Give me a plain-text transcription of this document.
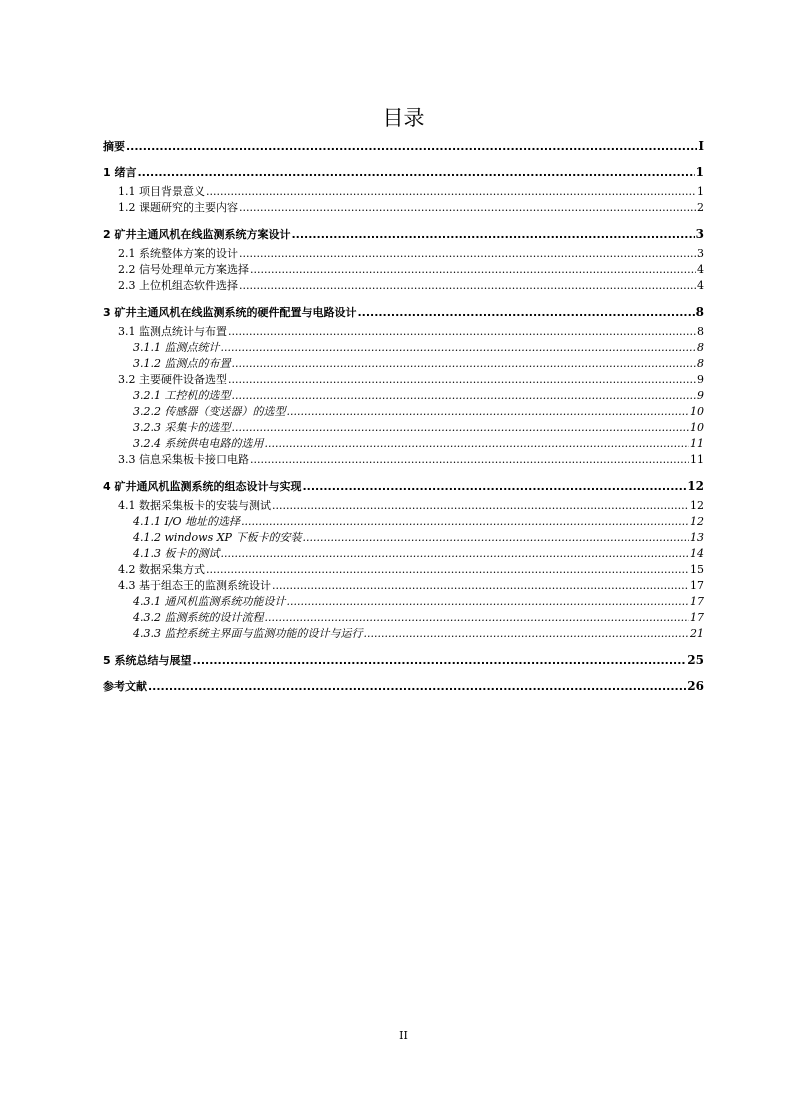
目录
摘要 .....	I
1 绪言 .....	1
1.1 项目背景意义 .....	1
1.2 课题研究的主要内容 .....	2
2 矿井主通风机在线监测系统方案设计 .....	3
2.1 系统整体方案的设计 .....	3
2.2 信号处理单元方案选择 .....	4
2.3 上位机组态软件选择 .....	4
3 矿井主通风机在线监测系统的硬件配置与电路设计 .....	8
3.1 监测点统计与布置 .....	8
3.1.1 监测点统计 .....	8
3.1.2 监测点的布置 .....	8
3.2 主要硬件设备选型 .....	9
3.2.1 工控机的选型 .....	9
3.2.2 传感器（变送器）的选型 .....	10
3.2.3 采集卡的选型 .....	10
3.2.4 系统供电电路的选用 .....	11
3.3 信息采集板卡接口电路 .....	11
4 矿井通风机监测系统的组态设计与实现 .....	12
4.1 数据采集板卡的安装与测试 .....	12
4.1.1 I/O 地址的选择 .....	12
4.1.2 windows XP 下板卡的安装 .....	13
4.1.3 板卡的测试 .....	14
4.2 数据采集方式 .....	15
4.3 基于组态王的监测系统设计 .....	17
4.3.1 通风机监测系统功能设计 .....	17
4.3.2 监测系统的设计流程 .....	17
4.3.3 监控系统主界面与监测功能的设计与运行 .....	21
5 系统总结与展望 .....	25
参考文献 .....	26
II
